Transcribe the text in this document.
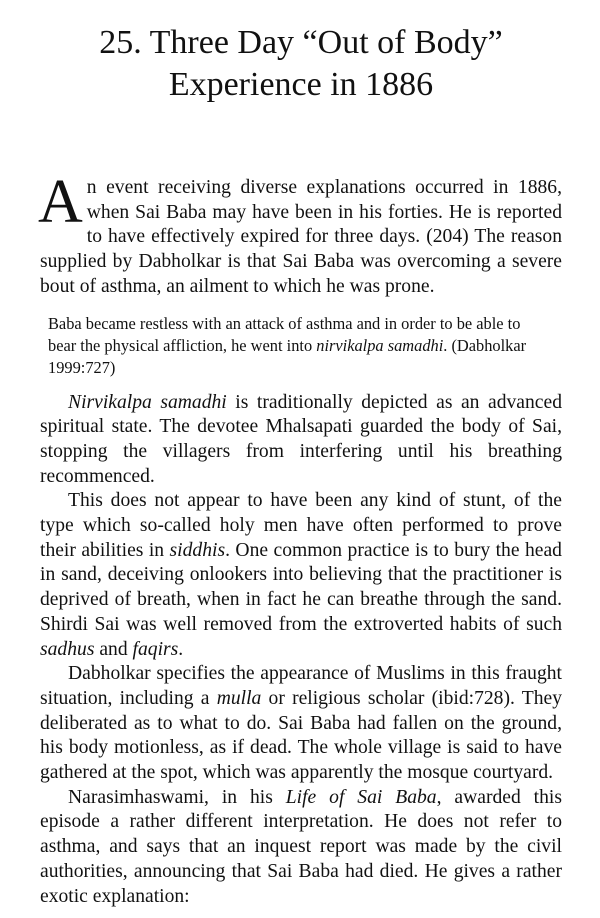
25. Three Day “Out of Body”
Experience in 1886

An event receiving diverse explanations occurred in 1886, when Sai Baba may have been in his forties. He is reported to have effectively expired for three days. (204) The reason supplied by Dabholkar is that Sai Baba was overcoming a severe bout of asthma, an ailment to which he was prone.

Baba became restless with an attack of asthma and in order to be able to bear the physical affliction, he went into nirvikalpa samadhi. (Dabholkar 1999:727)

Nirvikalpa samadhi is traditionally depicted as an advanced spiritual state. The devotee Mhalsapati guarded the body of Sai, stopping the villagers from interfering until his breathing recommenced.

This does not appear to have been any kind of stunt, of the type which so-called holy men have often performed to prove their abilities in siddhis. One common practice is to bury the head in sand, deceiving onlookers into believing that the practitioner is deprived of breath, when in fact he can breathe through the sand. Shirdi Sai was well removed from the extroverted habits of such sadhus and faqirs.

Dabholkar specifies the appearance of Muslims in this fraught situation, including a mulla or religious scholar (ibid:728). They deliberated as to what to do. Sai Baba had fallen on the ground, his body motionless, as if dead. The whole village is said to have gathered at the spot, which was apparently the mosque courtyard.

Narasimhaswami, in his Life of Sai Baba, awarded this episode a rather different interpretation. He does not refer to asthma, and says that an inquest report was made by the civil authorities, announcing that Sai Baba had died. He gives a rather exotic explanation:
